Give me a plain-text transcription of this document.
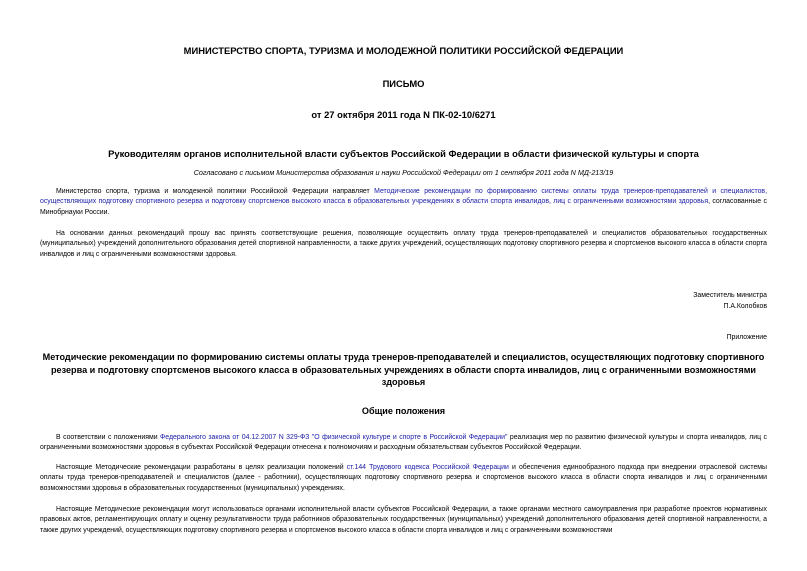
МИНИСТЕРСТВО СПОРТА, ТУРИЗМА И МОЛОДЕЖНОЙ ПОЛИТИКИ РОССИЙСКОЙ ФЕДЕРАЦИИ
ПИСЬМО
от 27 октября 2011 года N ПК-02-10/6271
Руководителям органов исполнительной власти субъектов Российской Федерации в области физической культуры и спорта
Согласовано с письмом Министерства образования и науки Российской Федерации от 1 сентября 2011 года N МД-213/19

Министерство спорта, туризма и молодежной политики Российской Федерации направляет Методические рекомендации по формированию системы оплаты труда тренеров-преподавателей и специалистов, осуществляющих подготовку спортивного резерва и подготовку спортсменов высокого класса в образовательных учреждениях в области спорта инвалидов, лиц с ограниченными возможностями здоровья, согласованные с Минобрнауки России.

На основании данных рекомендаций прошу вас принять соответствующие решения, позволяющие осуществить оплату труда тренеров-преподавателей и специалистов образовательных государственных (муниципальных) учреждений дополнительного образования детей спортивной направленности, а также других учреждений, осуществляющих подготовку спортивного резерва и спортсменов высокого класса в области спорта инвалидов и лиц с ограниченными возможностями здоровья.

Заместитель министра
П.А.Колобков
Приложение
Методические рекомендации по формированию системы оплаты труда тренеров-преподавателей и специалистов, осуществляющих подготовку спортивного резерва и подготовку спортсменов высокого класса в образовательных учреждениях в области спорта инвалидов, лиц с ограниченными возможностями здоровья
Общие положения

В соответствии с положениями Федерального закона от 04.12.2007 N 329-ФЗ "О физической культуре и спорте в Российской Федерации" реализация мер по развитию физической культуры и спорта инвалидов, лиц с ограниченными возможностями здоровья в субъектах Российской Федерации отнесена к полномочиям и расходным обязательствам субъектов Российской Федерации.

Настоящие Методические рекомендации разработаны в целях реализации положений ст.144 Трудового кодекса Российской Федерации и обеспечения единообразного подхода при внедрении отраслевой системы оплаты труда тренеров-преподавателей и специалистов (далее - работники), осуществляющих подготовку спортивного резерва и спортсменов высокого класса в области спорта инвалидов и лиц с ограниченными возможностями здоровья в образовательных государственных (муниципальных) учреждениях.

Настоящие Методические рекомендации могут использоваться органами исполнительной власти субъектов Российской Федерации, а также органами местного самоуправления при разработке проектов нормативных правовых актов, регламентирующих оплату и оценку результативности труда работников образовательных государственных (муниципальных) учреждений дополнительного образования детей спортивной направленности, а также других учреждений, осуществляющих подготовку спортивного резерва и спортсменов высокого класса в области спорта инвалидов и лиц с ограниченными возможностями
